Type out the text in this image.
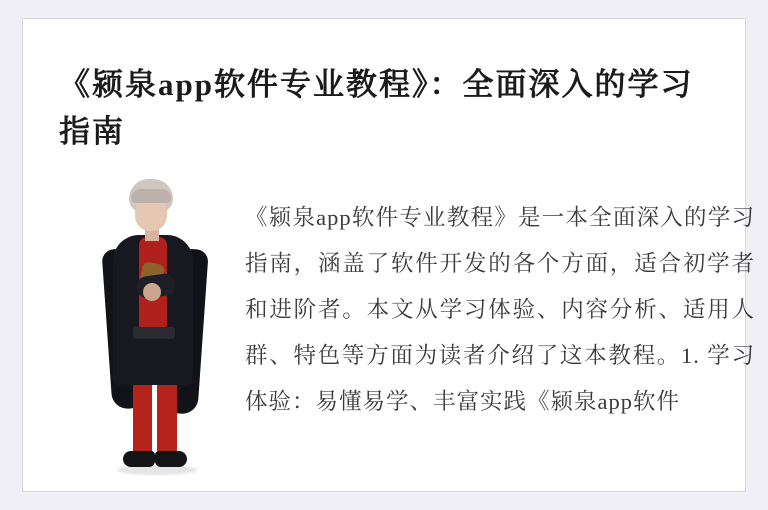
《颍泉app软件专业教程》：全面深入的学习指南
《颍泉app软件专业教程》是一本全面深入的学习指南，涵盖了软件开发的各个方面，适合初学者和进阶者。本文从学习体验、内容分析、适用人群、特色等方面为读者介绍了这本教程。1. 学习体验：易懂易学、丰富实践《颍泉app软件
